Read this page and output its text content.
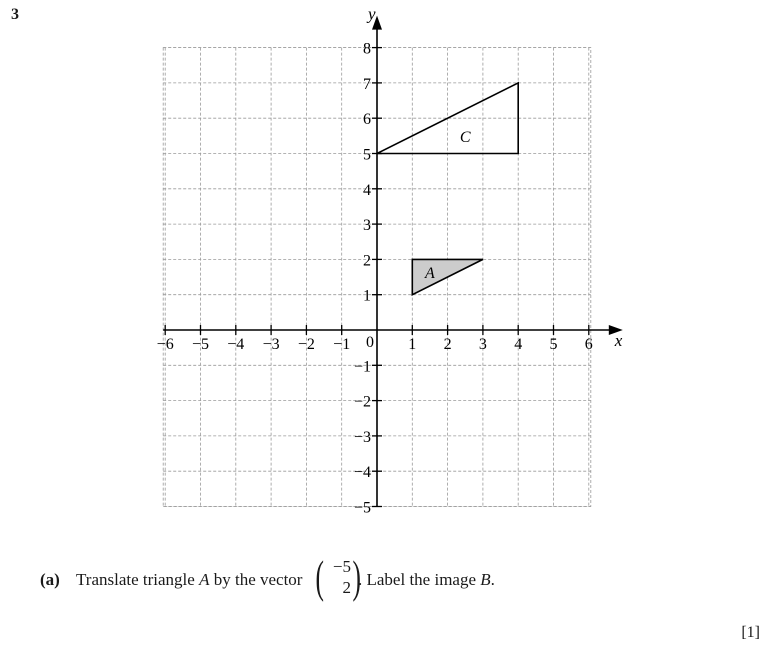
3
x
y
0
−6 −5 −4 −3 −2 −1	1 2 3 4 5 6
8
7
6
5
4
3
2
1
−1
−2
−3
−4
−5
C
A
(a) Translate triangle A by the vector ( −5
2 )
. Label the image B.
[1]
